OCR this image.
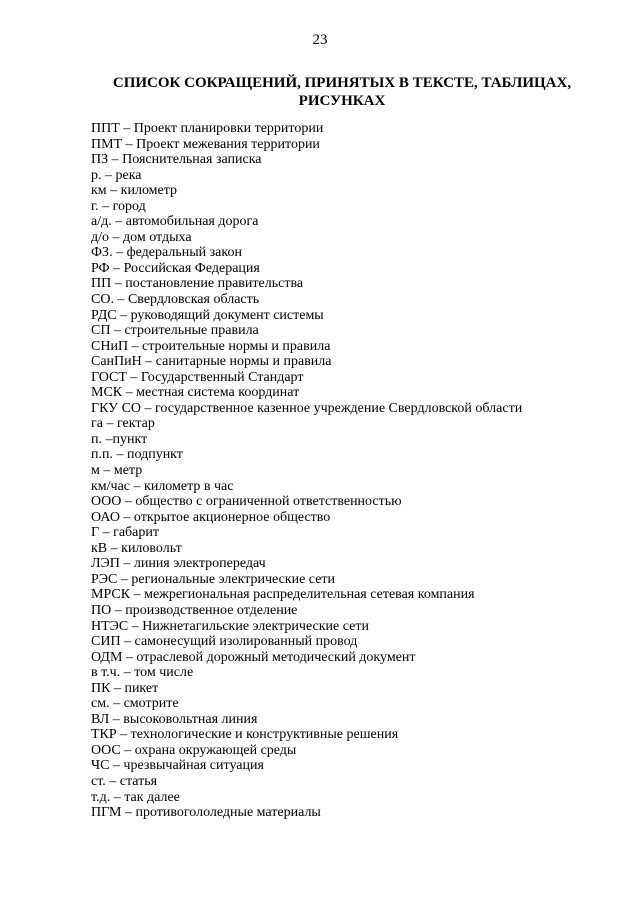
23
СПИСОК СОКРАЩЕНИЙ, ПРИНЯТЫХ В ТЕКСТЕ, ТАБЛИЦАХ,
РИСУНКАХ
ППТ – Проект планировки территории
ПМТ – Проект межевания территории
ПЗ – Пояснительная записка
р. – река
км – километр
г. – город
а/д. – автомобильная дорога
д/о – дом отдыха
ФЗ. – федеральный закон
РФ – Российская Федерация
ПП – постановление правительства
СО. – Свердловская область
РДС – руководящий документ системы
СП – строительные правила
СНиП – строительные нормы и правила
СанПиН – санитарные нормы и правила
ГОСТ – Государственный Стандарт
МСК – местная система координат
ГКУ СО – государственное казенное учреждение Свердловской области
га – гектар
п. –пункт
п.п. – подпункт
м – метр
км/час – километр в час
ООО – общество с ограниченной ответственностью
ОАО – открытое акционерное общество
Г – габарит
кВ – киловольт
ЛЭП – линия электропередач
РЭС – региональные электрические сети
МРСК – межрегиональная распределительная сетевая компания
ПО – производственное отделение
НТЭС – Нижнетагильские электрические сети
СИП – самонесущий изолированный провод
ОДМ – отраслевой дорожный методический документ
в т.ч. – том числе
ПК – пикет
см. – смотрите
ВЛ – высоковольтная линия
ТКР – технологические и конструктивные решения
ООС – охрана окружающей среды
ЧС – чрезвычайная ситуация
ст. – статья
т.д. – так далее
ПГМ – противогололедные материалы
